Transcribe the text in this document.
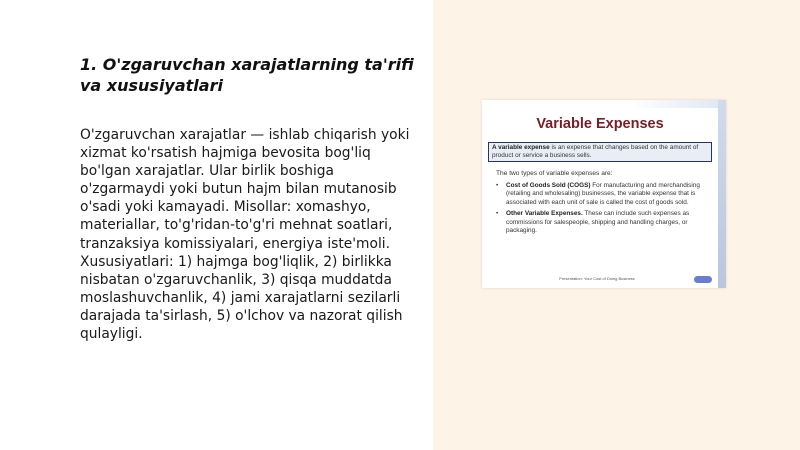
1. O'zgaruvchan xarajatlarning ta'rifi va xususiyatlari

O'zgaruvchan xarajatlar — ishlab chiqarish yoki xizmat ko'rsatish hajmiga bevosita bog'liq bo'lgan xarajatlar. Ular birlik boshiga o'zgarmaydi yoki butun hajm bilan mutanosib o'sadi yoki kamayadi. Misollar: xomashyo, materiallar, to'g'ridan-to'g'ri mehnat soatlari, tranzaksiya komissiyalari, energiya iste'moli. Xususiyatlari: 1) hajmga bog'liqlik, 2) birlikka nisbatan o'zgaruvchanlik, 3) qisqa muddatda moslashuvchanlik, 4) jami xarajatlarni sezilarli darajada ta'sirlash, 5) o'lchov va nazorat qilish qulayligi.

Variable Expenses
A variable expense is an expense that changes based on the amount of product or service a business sells.
The two types of variable expenses are:
• Cost of Goods Sold (COGS) For manufacturing and merchandising (retailing and wholesaling) businesses, the variable expense that is associated with each unit of sale is called the cost of goods sold.
• Other Variable Expenses. These can include such expenses as commissions for salespeople, shipping and handling charges, or packaging.
Presentation: Your Cost of Doing Business
